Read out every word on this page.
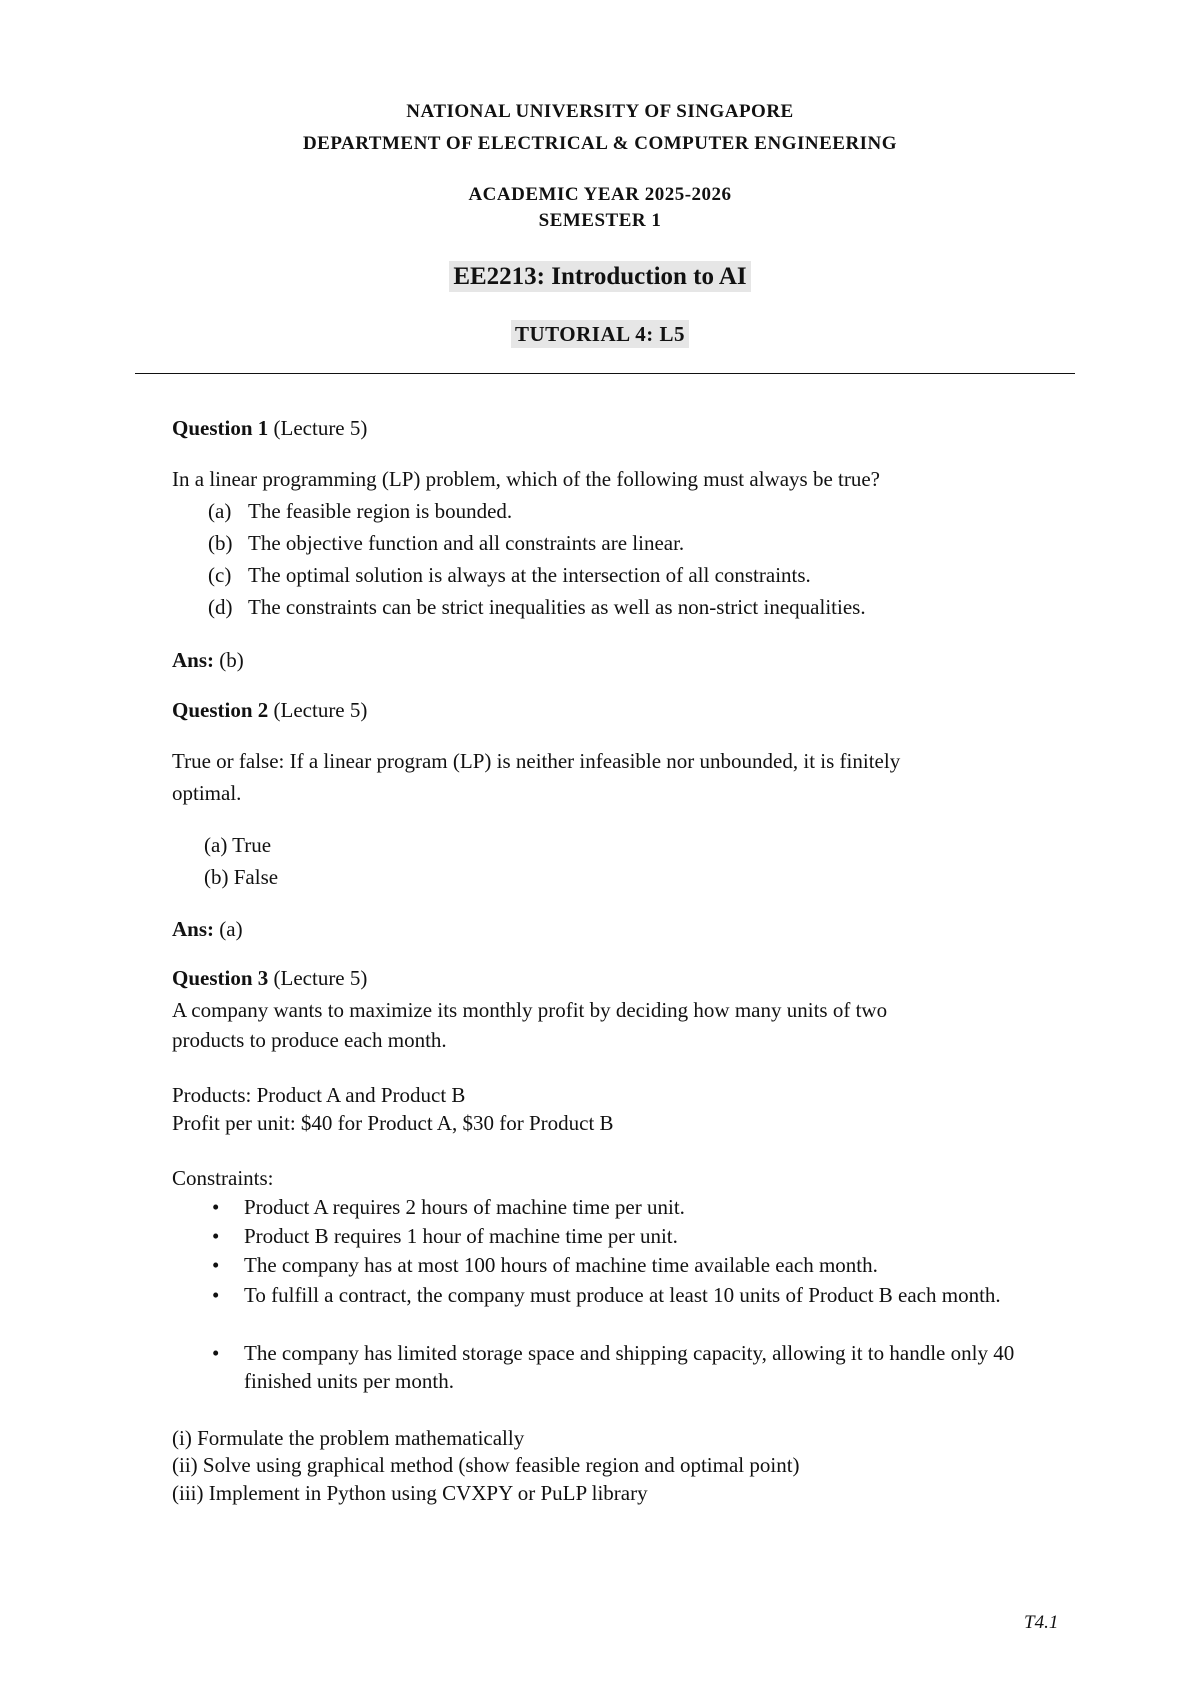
NATIONAL UNIVERSITY OF SINGAPORE
DEPARTMENT OF ELECTRICAL & COMPUTER ENGINEERING
ACADEMIC YEAR 2025-2026
SEMESTER 1
EE2213: Introduction to AI
TUTORIAL 4: L5
Question 1 (Lecture 5)
In a linear programming (LP) problem, which of the following must always be true?
(a) The feasible region is bounded.
(b) The objective function and all constraints are linear.
(c) The optimal solution is always at the intersection of all constraints.
(d) The constraints can be strict inequalities as well as non-strict inequalities.
Ans: (b)
Question 2 (Lecture 5)
True or false: If a linear program (LP) is neither infeasible nor unbounded, it is finitely
optimal.
(a) True
(b) False
Ans: (a)
Question 3 (Lecture 5)
A company wants to maximize its monthly profit by deciding how many units of two
products to produce each month.
Products: Product A and Product B
Profit per unit: $40 for Product A, $30 for Product B
Constraints:
• Product A requires 2 hours of machine time per unit.
• Product B requires 1 hour of machine time per unit.
• The company has at most 100 hours of machine time available each month.
• To fulfill a contract, the company must produce at least 10 units of Product B each month.
• The company has limited storage space and shipping capacity, allowing it to handle only 40 finished units per month.
(i) Formulate the problem mathematically
(ii) Solve using graphical method (show feasible region and optimal point)
(iii) Implement in Python using CVXPY or PuLP library
T4.1
